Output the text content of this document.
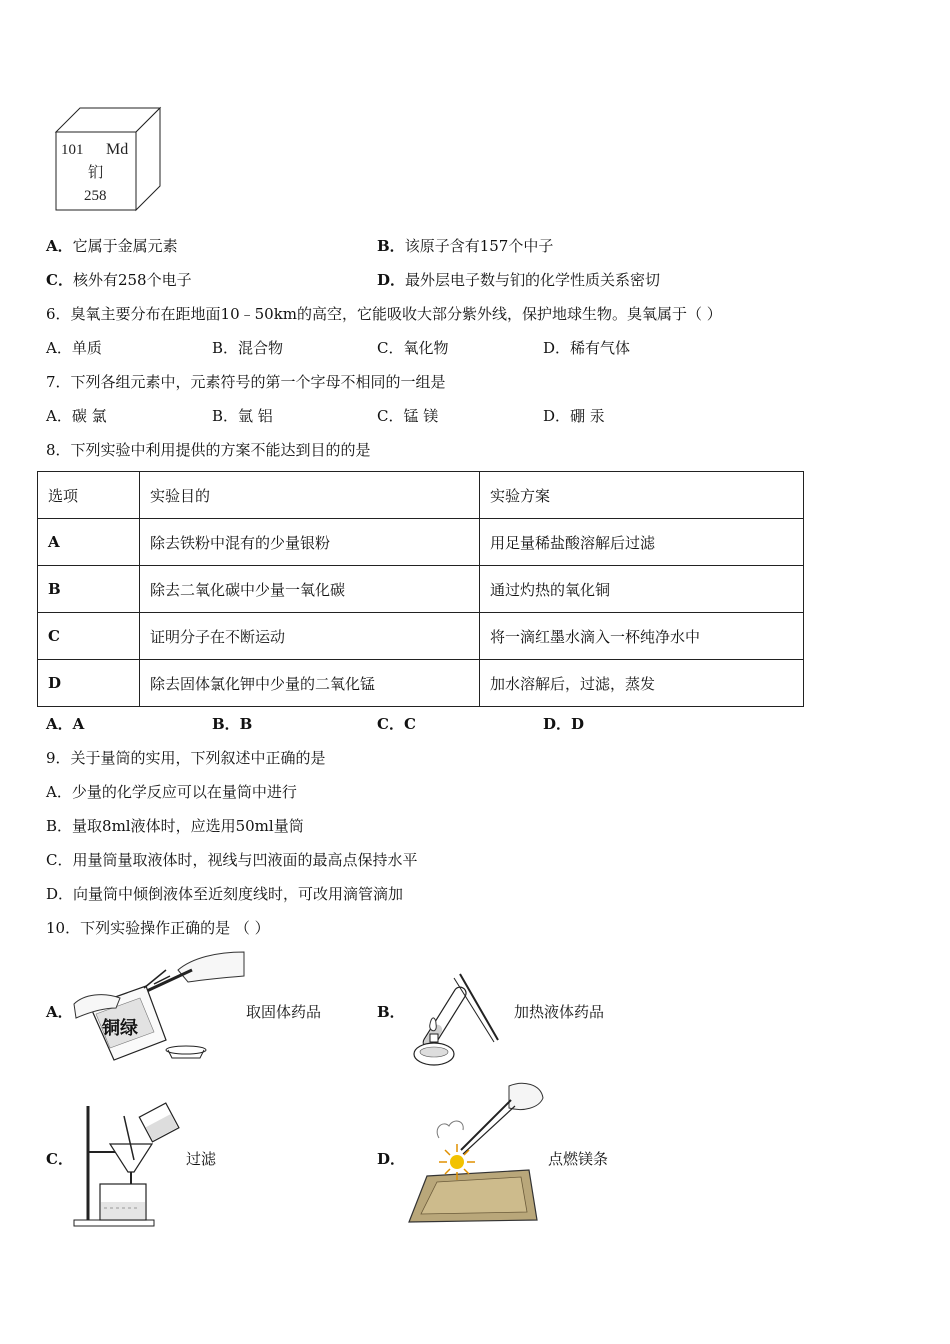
101 Md
钔
258
A．它属于金属元素	B．该原子含有157个中子
C．核外有258个电子	D．最外层电子数与钔的化学性质关系密切
6．臭氧主要分布在距地面10﹣50km的高空，它能吸收大部分紫外线，保护地球生物。臭氧属于（ ）
A．单质	B．混合物	C．氧化物	D．稀有气体
7．下列各组元素中，元素符号的第一个字母不相同的一组是
A．碳 氯	B．氩 铝	C．锰 镁	D．硼 汞
8．下列实验中利用提供的方案不能达到目的的是
选项	实验目的	实验方案
A	除去铁粉中混有的少量银粉	用足量稀盐酸溶解后过滤
B	除去二氧化碳中少量一氧化碳	通过灼热的氧化铜
C	证明分子在不断运动	将一滴红墨水滴入一杯纯净水中
D	除去固体氯化钾中少量的二氧化锰	加水溶解后，过滤，蒸发
A．A	B．B	C．C	D．D
9．关于量筒的实用，下列叙述中正确的是
A．少量的化学反应可以在量筒中进行
B．量取8ml液体时，应选用50ml量筒
C．用量筒量取液体时，视线与凹液面的最高点保持水平
D．向量筒中倾倒液体至近刻度线时，可改用滴管滴加
10．下列实验操作正确的是 （ ）
A．
铜绿
取固体药品	B．	加热液体药品
C．	过滤	D．	点燃镁条
